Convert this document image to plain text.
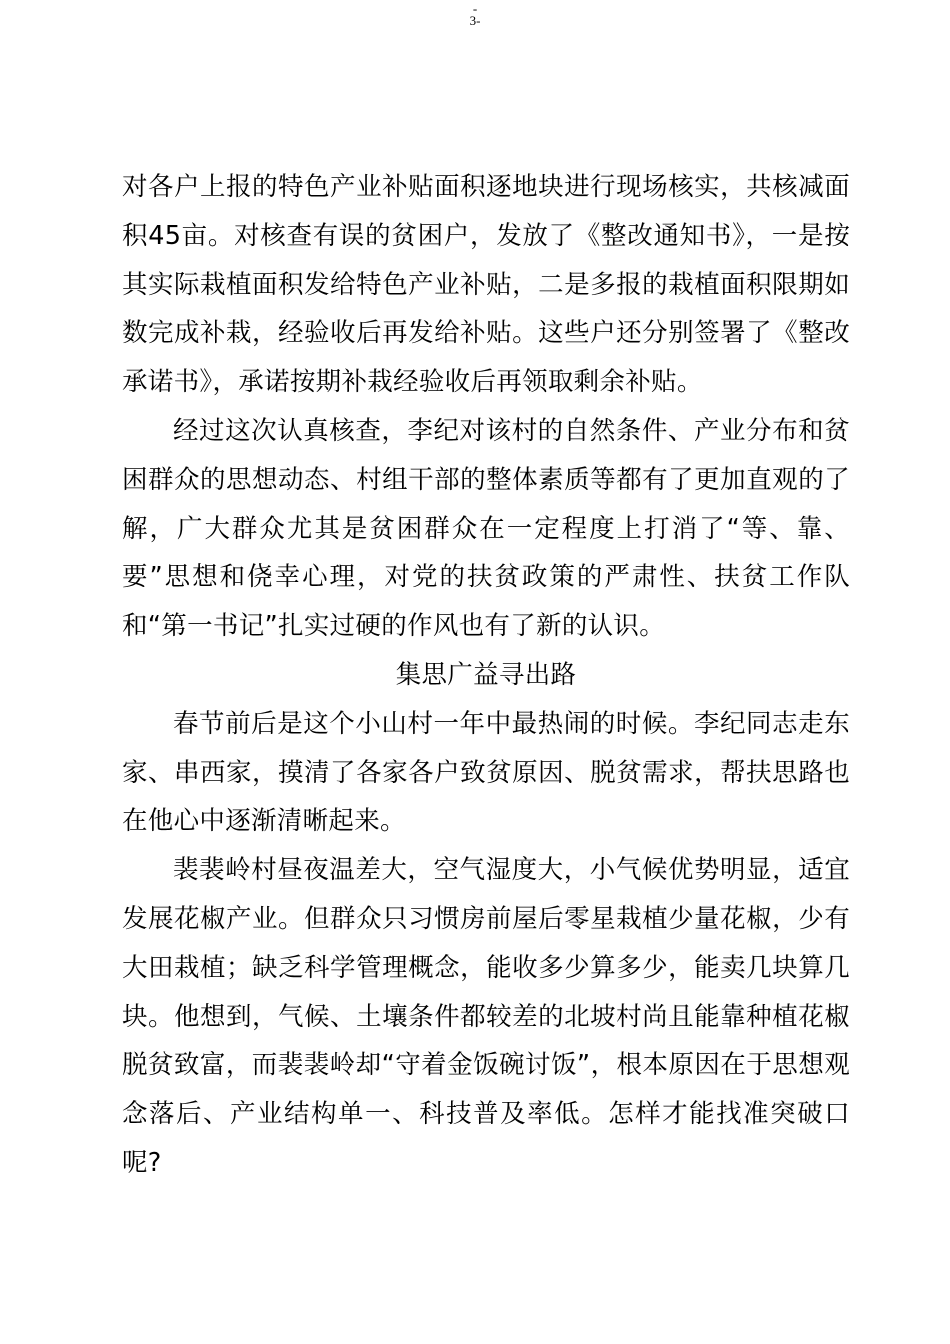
-
3-

对各户上报的特色产业补贴面积逐地块进行现场核实，共核减面积45亩。对核查有误的贫困户，发放了《整改通知书》，一是按其实际栽植面积发给特色产业补贴，二是多报的栽植面积限期如数完成补栽，经验收后再发给补贴。这些户还分别签署了《整改承诺书》，承诺按期补栽经验收后再领取剩余补贴。

经过这次认真核查，李纪对该村的自然条件、产业分布和贫困群众的思想动态、村组干部的整体素质等都有了更加直观的了解，广大群众尤其是贫困群众在一定程度上打消了“等、靠、要”思想和侥幸心理，对党的扶贫政策的严肃性、扶贫工作队和“第一书记”扎实过硬的作风也有了新的认识。

集思广益寻出路

春节前后是这个小山村一年中最热闹的时候。李纪同志走东家、串西家，摸清了各家各户致贫原因、脱贫需求，帮扶思路也在他心中逐渐清晰起来。

裴裴岭村昼夜温差大，空气湿度大，小气候优势明显，适宜发展花椒产业。但群众只习惯房前屋后零星栽植少量花椒，少有大田栽植；缺乏科学管理概念，能收多少算多少，能卖几块算几块。他想到，气候、土壤条件都较差的北坡村尚且能靠种植花椒脱贫致富，而裴裴岭却“守着金饭碗讨饭”，根本原因在于思想观念落后、产业结构单一、科技普及率低。怎样才能找准突破口呢?
